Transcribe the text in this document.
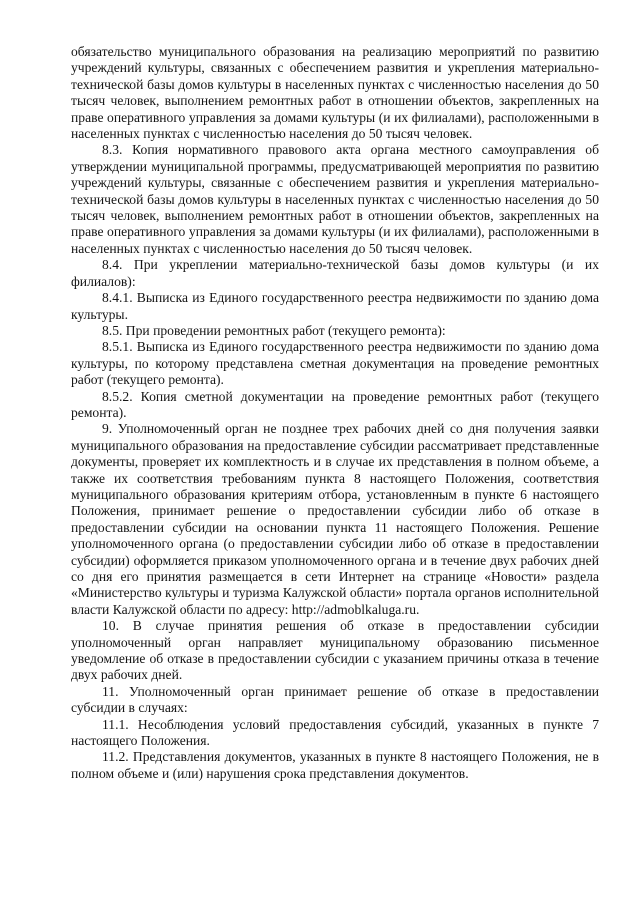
обязательство муниципального образования на реализацию мероприятий по развитию учреждений культуры, связанных с обеспечением развития и укрепления материально-технической базы домов культуры в населенных пунктах с численностью населения до 50 тысяч человек, выполнением ремонтных работ в отношении объектов, закрепленных на праве оперативного управления за домами культуры (и их филиалами), расположенными в населенных пунктах с численностью населения до 50 тысяч человек.

8.3. Копия нормативного правового акта органа местного самоуправления об утверждении муниципальной программы, предусматривающей мероприятия по развитию учреждений культуры, связанные с обеспечением развития и укрепления материально-технической базы домов культуры в населенных пунктах с численностью населения до 50 тысяч человек, выполнением ремонтных работ в отношении объектов, закрепленных на праве оперативного управления за домами культуры (и их филиалами), расположенными в населенных пунктах с численностью населения до 50 тысяч человек.

8.4. При укреплении материально-технической базы домов культуры (и их филиалов):

8.4.1. Выписка из Единого государственного реестра недвижимости по зданию дома культуры.

8.5. При проведении ремонтных работ (текущего ремонта):

8.5.1. Выписка из Единого государственного реестра недвижимости по зданию дома культуры, по которому представлена сметная документация на проведение ремонтных работ (текущего ремонта).

8.5.2. Копия сметной документации на проведение ремонтных работ (текущего ремонта).

9. Уполномоченный орган не позднее трех рабочих дней со дня получения заявки муниципального образования на предоставление субсидии рассматривает представленные документы, проверяет их комплектность и в случае их представления в полном объеме, а также их соответствия требованиям пункта 8 настоящего Положения, соответствия муниципального образования критериям отбора, установленным в пункте 6 настоящего Положения, принимает решение о предоставлении субсидии либо об отказе в предоставлении субсидии на основании пункта 11 настоящего Положения. Решение уполномоченного органа (о предоставлении субсидии либо об отказе в предоставлении субсидии) оформляется приказом уполномоченного органа и в течение двух рабочих дней со дня его принятия размещается в сети Интернет на странице «Новости» раздела «Министерство культуры и туризма Калужской области» портала органов исполнительной власти Калужской области по адресу: http://admoblkaluga.ru.

10. В случае принятия решения об отказе в предоставлении субсидии уполномоченный орган направляет муниципальному образованию письменное уведомление об отказе в предоставлении субсидии с указанием причины отказа в течение двух рабочих дней.

11. Уполномоченный орган принимает решение об отказе в предоставлении субсидии в случаях:

11.1. Несоблюдения условий предоставления субсидий, указанных в пункте 7 настоящего Положения.

11.2. Представления документов, указанных в пункте 8 настоящего Положения, не в полном объеме и (или) нарушения срока представления документов.
